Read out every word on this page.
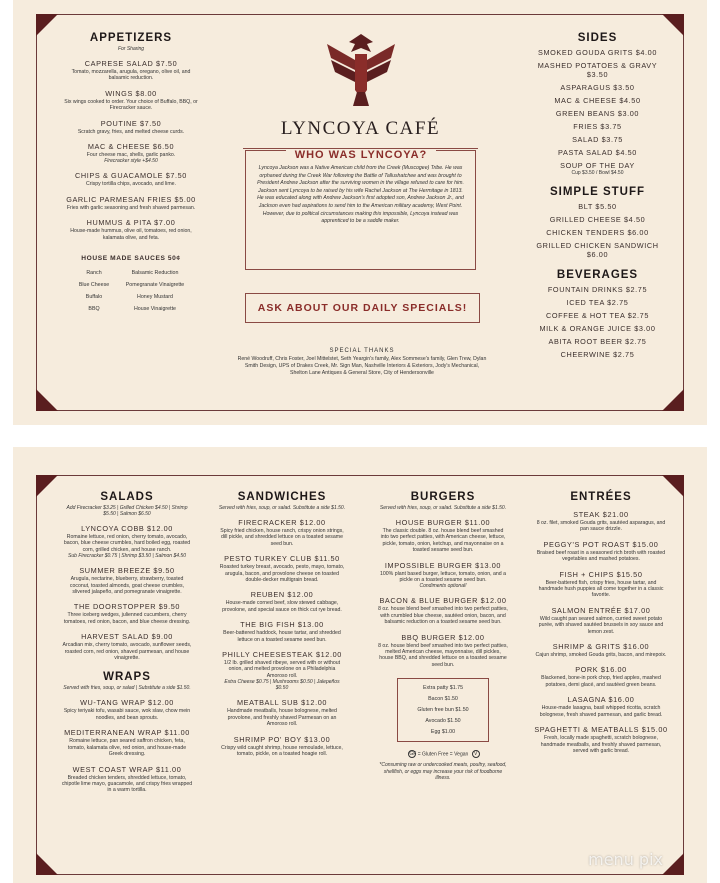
APPETIZERS
For Sharing
CAPRESE SALAD $7.50
Tomato, mozzarella, arugula, oregano, olive oil, and balsamic reduction.
WINGS $8.00
Six wings cooked to order. Your choice of Buffalo, BBQ, or Firecracker sauce.
POUTINE $7.50
Scratch gravy, fries, and melted cheese curds.
MAC & CHEESE $6.50
Four cheese mac, shells, garlic panko.
Firecracker style +$4.50
CHIPS & GUACAMOLE $7.50
Crispy tortilla chips, avocado, and lime.
GARLIC PARMESAN FRIES $5.00
Fries with garlic seasoning and fresh shaved parmesan.
HUMMUS & PITA $7.00
House-made hummus, olive oil, tomatoes, red onion, kalamata olive, and feta.
HOUSE MADE SAUCES 50¢
Ranch	Balsamic Reduction
Blue Cheese	Pomegranate Vinaigrette
Buffalo	Honey Mustard
BBQ	House Vinaigrette
LYNCOYA CAFÉ
WHO WAS LYNCOYA?
Lyncoya Jackson was a Native American child from the Creek (Muscogee) Tribe. He was orphaned during the Creek War following the Battle of Tallushatchee and was brought to President Andrew Jackson after the surviving women in the village refused to care for him. Jackson sent Lyncoya to be raised by his wife Rachel Jackson at The Hermitage in 1813. He was educated along with Andrew Jackson's first adopted son, Andrew Jackson Jr., and Jackson even had aspirations to send him to the American military academy, West Point. However, due to political circumstances making this impossible, Lyncoya instead was apprenticed to be a saddle maker.
ASK ABOUT OUR DAILY SPECIALS!
SPECIAL THANKS
René Woodruff, Chris Foster, Joel Mittelstet, Seth Yeargin's family, Alex Sommese's family, Glen Trew, Dylan Smith Design, UPS of Drakes Creek, Mr. Sign Man, Nashville Interiors & Exteriors, Jody's Mechanical, Shelton Lane Antiques & General Store, City of Hendersonville
SIDES
SMOKED GOUDA GRITS $4.00
MASHED POTATOES & GRAVY $3.50
ASPARAGUS $3.50
MAC & CHEESE $4.50
GREEN BEANS $3.00
FRIES $3.75
SALAD $3.75
PASTA SALAD $4.50
SOUP OF THE DAY
Cup $3.50 / Bowl $4.50
SIMPLE STUFF
BLT $5.50
GRILLED CHEESE $4.50
CHICKEN TENDERS $6.00
GRILLED CHICKEN SANDWICH $6.00
BEVERAGES
FOUNTAIN DRINKS $2.75
ICED TEA $2.75
COFFEE & HOT TEA $2.75
MILK & ORANGE JUICE $3.00
ABITA ROOT BEER $2.75
CHEERWINE $2.75
SALADS
Add Firecracker $3.25 | Grilled Chicken $4.50 | Shrimp $5.50 | Salmon $6.50
LYNCOYA COBB $12.00
Romaine lettuce, red onion, cherry tomato, avocado, bacon, blue cheese crumbles, hard boiled egg, roasted corn, grilled chicken, and house ranch.
Sub Firecracker $0.75 | Shrimp $3.50 | Salmon $4.50
SUMMER BREEZE $9.50
Arugula, nectarine, blueberry, strawberry, toasted coconut, toasted almonds, goat cheese crumbles, slivered jalapeño, and pomegranate vinaigrette.
THE DOORSTOPPER $9.50
Three iceberg wedges, julienned cucumbers, cherry tomatoes, red onion, bacon, and blue cheese dressing.
HARVEST SALAD $9.00
Arcadian mix, cherry tomato, avocado, sunflower seeds, roasted corn, red onion, shaved parmesan, and house vinaigrette.
WRAPS
Served with fries, soup, or salad | Substitute a side $1.50.
WU-TANG WRAP $12.00
Spicy teriyaki tofu, wasabi sauce, wok slaw, chow mein noodles, and bean sprouts.
MEDITERRANEAN WRAP $11.00
Romaine lettuce, pan seared saffron chicken, feta, tomato, kalamata olive, red onion, and house-made Greek dressing.
WEST COAST WRAP $11.00
Breaded chicken tenders, shredded lettuce, tomato, chipotle lime mayo, guacamole, and crispy fries wrapped in a warm tortilla.
SANDWICHES
Served with fries, soup, or salad. Substitute a side $1.50.
FIRECRACKER $12.00
Spicy fried chicken, house ranch, crispy onion strings, dill pickle, and shredded lettuce on a toasted sesame seed bun.
PESTO TURKEY CLUB $11.50
Roasted turkey breast, avocado, pesto, mayo, tomato, arugula, bacon, and provolone cheese on toasted double-decker multigrain bread.
REUBEN $12.00
House-made corned beef, slow stewed cabbage, provolone, and special sauce on thick cut rye bread.
THE BIG FISH $13.00
Beer-battered haddock, house tartar, and shredded lettuce on a toasted sesame seed bun.
PHILLY CHEESESTEAK $12.00
1/2 lb. grilled shaved ribeye, served with or without onion, and melted provolone on a Philadelphia Amoroso roll.
Extra Cheese $0.75 | Mushrooms $0.50 | Jalepeños $0.50
MEATBALL SUB $12.00
Handmade meatballs, house bolognese, melted provolone, and freshly shaved Parmesan on an Amoroso roll.
SHRIMP PO' BOY $13.00
Crispy wild caught shrimp, house remoulade, lettuce, tomato, pickle, on a toasted hoagie roll.
BURGERS
Served with fries, soup, or salad. Substitute a side $1.50.
HOUSE BURGER $11.00
The classic double. 8 oz. house blend beef smashed into two perfect patties, with American cheese, lettuce, pickle, tomato, onion, ketchup, and mayonnaise on a toasted sesame seed bun.
IMPOSSIBLE BURGER $13.00
100% plant based burger, lettuce, tomato, onion, and a pickle on a toasted sesame seed bun.
Condiments optional!
BACON & BLUE BURGER $12.00
8 oz. house blend beef smashed into two perfect patties, with crumbled blue cheese, sautéed onion, bacon, and balsamic reduction on a toasted sesame seed bun.
BBQ BURGER $12.00
8 oz. house blend beef smashed into two perfect patties, melted American cheese, mayonnaise, dill pickles, house BBQ, and shredded lettuce on a toasted sesame seed bun.
Extra patty $1.75
Bacon $1.50
Gluten free bun $1.50
Avocado $1.50
Egg $1.00
GF = Gluten Free = Vegan V
*Consuming raw or undercooked meats, poultry, seafood, shellfish, or eggs may increase your risk of foodborne illness.
ENTRÉES
STEAK $21.00
8 oz. filet, smoked Gouda grits, sautéed asparagus, and pan sauce drizzle.
PEGGY'S POT ROAST $15.00
Braised beef roast in a seasoned rich broth with roasted vegetables and mashed potatoes.
FISH + CHIPS $15.50
Beer-battered fish, crispy fries, house tartar, and handmade hush puppies all come together in a classic favorite.
SALMON ENTRÉE $17.00
Wild caught pan seared salmon, curried sweet potato purée, with shaved sautéed brussels in soy sauce and lemon zest.
SHRIMP & GRITS $16.00
Cajun shrimp, smoked Gouda grits, bacon, and mirepoix.
PORK $16.00
Blackened, bone-in pork chop, fried apples, mashed potatoes, demi glacé, and sautéed green beans.
LASAGNA $16.00
House-made lasagna, basil whipped ricotta, scratch bolognese, fresh shaved parmesan, and garlic bread.
SPAGHETTI & MEATBALLS $15.00
Fresh, locally made spaghetti, scratch bolognese, handmade meatballs, and freshly shaved parmesan, served with garlic bread.
menu pix
